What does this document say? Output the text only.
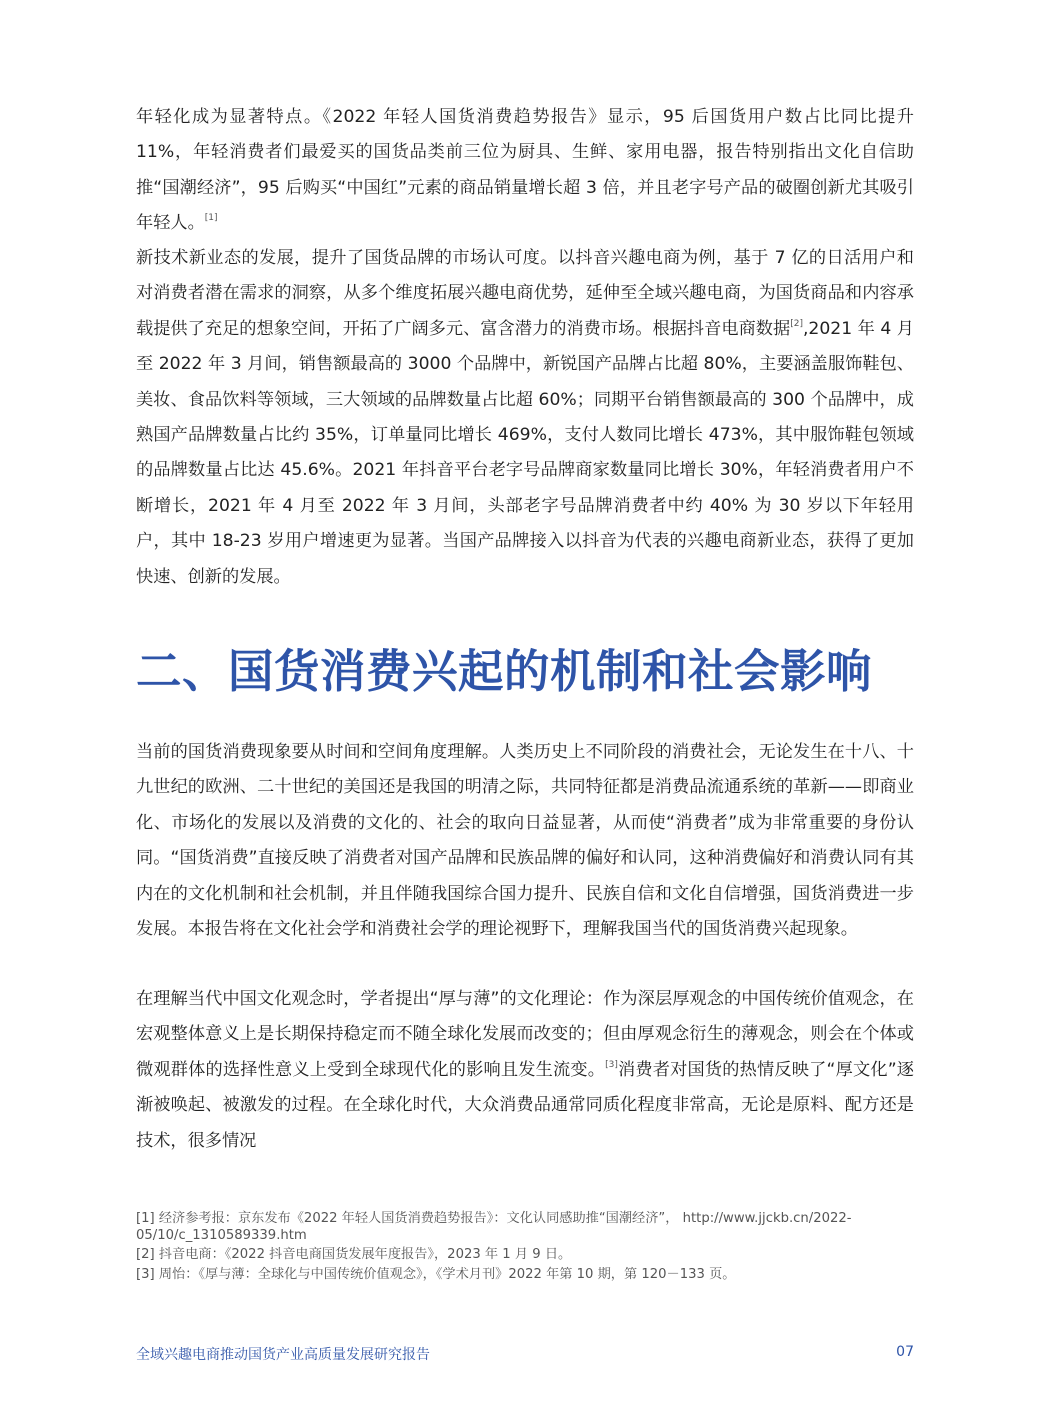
年轻化成为显著特点。《2022 年轻人国货消费趋势报告》显示，95 后国货用户数占比同比提升 11%，年轻消费者们最爱买的国货品类前三位为厨具、生鲜、家用电器，报告特别指出文化自信助推“国潮经济”，95 后购买“中国红”元素的商品销量增长超 3 倍，并且老字号产品的破圈创新尤其吸引年轻人。[1]

新技术新业态的发展，提升了国货品牌的市场认可度。以抖音兴趣电商为例，基于 7 亿的日活用户和对消费者潜在需求的洞察，从多个维度拓展兴趣电商优势，延伸至全域兴趣电商，为国货商品和内容承载提供了充足的想象空间，开拓了广阔多元、富含潜力的消费市场。根据抖音电商数据[2],2021 年 4 月至 2022 年 3 月间，销售额最高的 3000 个品牌中，新锐国产品牌占比超 80%，主要涵盖服饰鞋包、美妆、食品饮料等领域，三大领域的品牌数量占比超 60%；同期平台销售额最高的 300 个品牌中，成熟国产品牌数量占比约 35%，订单量同比增长 469%，支付人数同比增长 473%，其中服饰鞋包领域的品牌数量占比达 45.6%。2021 年抖音平台老字号品牌商家数量同比增长 30%，年轻消费者用户不断增长，2021 年 4 月至 2022 年 3 月间，头部老字号品牌消费者中约 40% 为 30 岁以下年轻用户，其中 18-23 岁用户增速更为显著。当国产品牌接入以抖音为代表的兴趣电商新业态，获得了更加快速、创新的发展。

二、国货消费兴起的机制和社会影响

当前的国货消费现象要从时间和空间角度理解。人类历史上不同阶段的消费社会，无论发生在十八、十九世纪的欧洲、二十世纪的美国还是我国的明清之际，共同特征都是消费品流通系统的革新——即商业化、市场化的发展以及消费的文化的、社会的取向日益显著，从而使“消费者”成为非常重要的身份认同。“国货消费”直接反映了消费者对国产品牌和民族品牌的偏好和认同，这种消费偏好和消费认同有其内在的文化机制和社会机制，并且伴随我国综合国力提升、民族自信和文化自信增强，国货消费进一步发展。本报告将在文化社会学和消费社会学的理论视野下，理解我国当代的国货消费兴起现象。

在理解当代中国文化观念时，学者提出“厚与薄”的文化理论：作为深层厚观念的中国传统价值观念，在宏观整体意义上是长期保持稳定而不随全球化发展而改变的；但由厚观念衍生的薄观念，则会在个体或微观群体的选择性意义上受到全球现代化的影响且发生流变。[3]消费者对国货的热情反映了“厚文化”逐渐被唤起、被激发的过程。在全球化时代，大众消费品通常同质化程度非常高，无论是原料、配方还是技术，很多情况

[1] 经济参考报：京东发布《2022 年轻人国货消费趋势报告》：文化认同感助推“国潮经济”， http://www.jjckb.cn/2022-05/10/c_1310589339.htm

[2] 抖音电商：《2022 抖音电商国货发展年度报告》，2023 年 1 月 9 日。

[3] 周怡：《厚与薄：全球化与中国传统价值观念》，《学术月刊》2022 年第 10 期，第 120－133 页。

全域兴趣电商推动国货产业高质量发展研究报告	07
